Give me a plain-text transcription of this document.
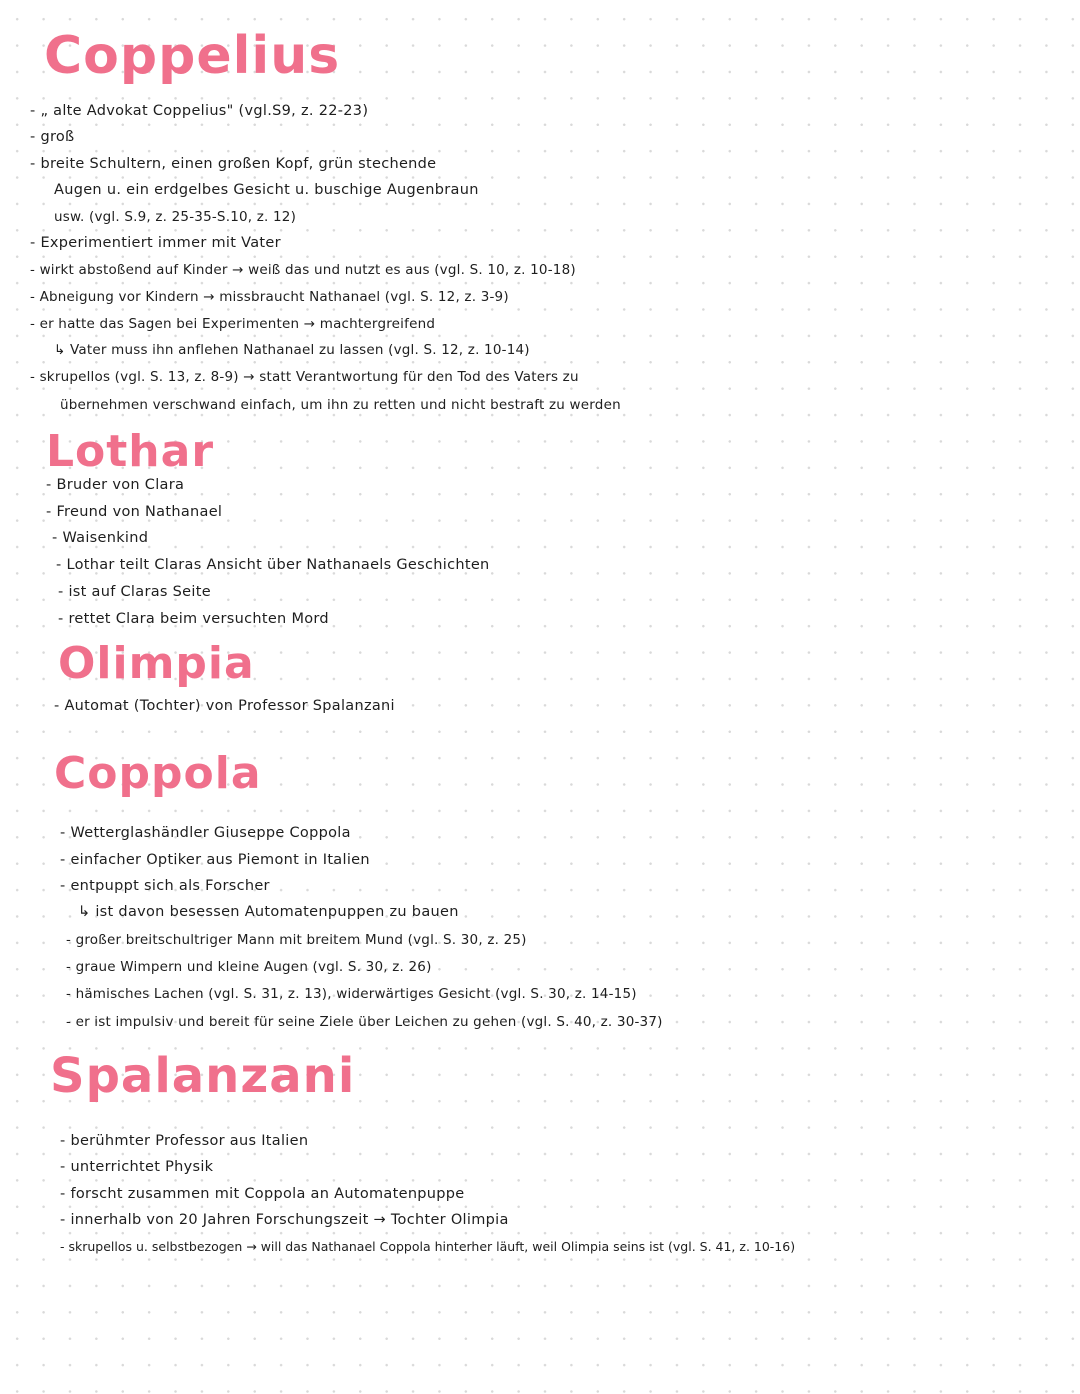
Coppelius
- „ alte Advokat Coppelius" (vgl.S9, z. 22-23)
- groß
- breite Schultern, einen großen Kopf, grün stechende
Augen u. ein erdgelbes Gesicht u. buschige Augenbraun
usw. (vgl. S.9, z. 25-35-S.10, z. 12)
- Experimentiert immer mit Vater
- wirkt abstoßend auf Kinder → weiß das und nutzt es aus (vgl. S. 10, z. 10-18)
- Abneigung vor Kindern → missbraucht Nathanael (vgl. S. 12, z. 3-9)
- er hatte das Sagen bei Experimenten → machtergreifend
↳ Vater muss ihn anflehen Nathanael zu lassen (vgl. S. 12, z. 10-14)
- skrupellos (vgl. S. 13, z. 8-9) → statt Verantwortung für den Tod des Vaters zu
übernehmen verschwand einfach, um ihn zu retten und nicht bestraft zu werden
Lothar
- Bruder von Clara
- Freund von Nathanael
- Waisenkind
- Lothar teilt Claras Ansicht über Nathanaels Geschichten
- ist auf Claras Seite
- rettet Clara beim versuchten Mord
Olimpia
- Automat (Tochter) von Professor Spalanzani
Coppola
- Wetterglashändler Giuseppe Coppola
- einfacher Optiker aus Piemont in Italien
- entpuppt sich als Forscher
↳ ist davon besessen Automatenpuppen zu bauen
- großer breitschultriger Mann mit breitem Mund (vgl. S. 30, z. 25)
- graue Wimpern und kleine Augen (vgl. S. 30, z. 26)
- hämisches Lachen (vgl. S. 31, z. 13), widerwärtiges Gesicht (vgl. S. 30, z. 14-15)
- er ist impulsiv und bereit für seine Ziele über Leichen zu gehen (vgl. S. 40, z. 30-37)
Spalanzani
- berühmter Professor aus Italien
- unterrichtet Physik
- forscht zusammen mit Coppola an Automatenpuppe
- innerhalb von 20 Jahren Forschungszeit → Tochter Olimpia
- skrupellos u. selbstbezogen → will das Nathanael Coppola hinterher läuft, weil Olimpia seins ist (vgl. S. 41, z. 10-16)
